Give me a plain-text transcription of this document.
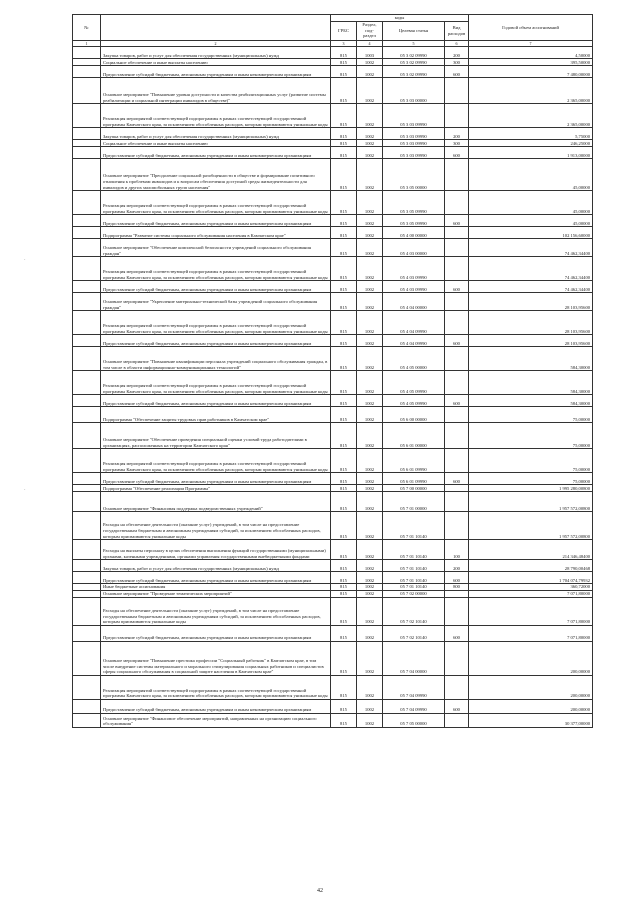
№		коды				Годовой объем ассигнований
		ГРБС	Раздел, под-раздел	Целевая статья	Вид расходов	
1	2	3	4	5	6	7
	Закупка товаров, работ и услуг для обеспечения государственных (муниципальных) нужд	815	1003	05 3 02 09990	200	4,50000
	Социальное обеспечение и иные выплаты населению	815	1002	05 3 02 09990	300	395,50000
	Предоставление субсидий бюджетным, автономным учреждениям и иным некоммерческим организациям	815	1002	05 3 02 09990	600	7 480,00000
	Основное мероприятие "Повышение уровня доступности и качества реабилитационных услуг (развитие системы реабилитации и социальной интеграции инвалидов в обществе)"	815	1002	05 3 03 00000		2 365,00000
	Реализация мероприятий соответствующей подпрограммы в рамках соответствующей государственной программы Камчатского края, за исключением обособленных расходов, которым присваиваются уникальные коды	815	1002	05 3 03 09990		2 365,00000
	Закупка товаров, работ и услуг для обеспечения государственных (муниципальных) нужд	815	1002	05 3 03 09990	200	5,75000
	Социальное обеспечение и иные выплаты населению	815	1002	05 3 03 09990	300	246,25000
	Предоставление субсидий бюджетным, автономным учреждениям и иным некоммерческим организациям	815	1002	05 3 03 09990	600	1 913,00000
	Основное мероприятие "Преодоление социальной разобщенности в обществе и формирование позитивного отношения к проблемам инвалидов и к вопросам обеспечения доступной среды жизнедеятельности для инвалидов и других маломобильных групп населения"	815	1002	05 3 05 00000		45,00000
	Реализация мероприятий соответствующей подпрограммы в рамках соответствующей государственной программы Камчатского края, за исключением обособленных расходов, которым присваиваются уникальные коды	815	1002	05 3 05 09990		45,00000
	Предоставление субсидий бюджетным, автономным учреждениям и иным некоммерческим организациям	815	1002	05 3 05 09990	600	45,00000
	Подпрограмма "Развитие системы социального обслуживания населения в Камчатском крае"	815	1002	05 4 00 00000		102 156,60000
	Основное мероприятие "Обеспечение комплексной безопасности учреждений социального обслуживания граждан"	815	1002	05 4 03 00000		74 462,34400
	Реализация мероприятий соответствующей подпрограммы в рамках соответствующей государственной программы Камчатского края, за исключением обособленных расходов, которым присваиваются уникальные коды	815	1002	05 4 03 09990		74 462,34400
	Предоставление субсидий бюджетным, автономным учреждениям и иным некоммерческим организациям	815	1002	05 4 03 09990	600	74 462,34400
	Основное мероприятие "Укрепление материально-технической базы учреждений социального обслуживания граждан"	815	1002	05 4 04 00000		28 103,95600
	Реализация мероприятий соответствующей подпрограммы в рамках соответствующей государственной программы Камчатского края, за исключением обособленных расходов, которым присваиваются уникальные коды	815	1002	05 4 04 09990		28 103,95600
	Предоставление субсидий бюджетным, автономным учреждениям и иным некоммерческим организациям	815	1002	05 4 04 09990	600	28 103,95600
	Основное мероприятие "Повышение квалификации персонала учреждений социального обслуживания граждан, в том числе в области информационно-коммуникационных технологий"	815	1002	05 4 05 00000		584,30000
	Реализация мероприятий соответствующей подпрограммы в рамках соответствующей государственной программы Камчатского края, за исключением обособленных расходов, которым присваиваются уникальные коды	815	1002	05 4 05 09990		584,30000
	Предоставление субсидий бюджетным, автономным учреждениям и иным некоммерческим организациям	815	1002	05 4 05 09990	600	584,30000
	Подпрограмма "Обеспечение защиты трудовых прав работников в Камчатском крае"	815	1002	05 6 00 00000		75,00000
	Основное мероприятие "Обеспечение проведения специальной оценки условий труда работодателями в организациях, расположенных на территории Камчатского края"	815	1002	05 6 01 00000		75,00000
	Реализация мероприятий соответствующей подпрограммы в рамках соответствующей государственной программы Камчатского края, за исключением обособленных расходов, которым присваиваются уникальные коды	815	1002	05 6 01 09990		75,00000
	Предоставление субсидий бюджетным, автономным учреждениям и иным некоммерческим организациям	815	1002	05 6 01 09990	600	75,00000
	Подпрограмма "Обеспечение реализации Программы"	815	1002	05 7 00 00000		1 995 280,00800
	Основное мероприятие "Финансовая поддержка подведомственных учреждений"	815	1002	05 7 01 00000		1 957 572,00800
	Расходы на обеспечение деятельности (оказание услуг) учреждений, в том числе на предоставление государственным бюджетным и автономным учреждениям субсидий, за исключением обособленных расходов, которым присваиваются уникальные коды	815	1002	05 7 01 10140		1 957 572,00800
	Расходы на выплаты персоналу в целях обеспечения выполнения функций государственными (муниципальными) органами, казенными учреждениями, органами управления государственными внебюджетными фондами	815	1002	05 7 01 10140	100	214 346,48400
	Закупка товаров, работ и услуг для обеспечения государственных (муниципальных) нужд	815	1002	05 7 01 10140	200	28 790,00468
	Предоставление субсидий бюджетным, автономным учреждениям и иным некоммерческим организациям	815	1002	05 7 01 10140	600	1 704 074,79932
	Иные бюджетные ассигнования	815	1002	05 7 01 10140	800	360,72000
	Основное мероприятие "Проведение тематических мероприятий"	815	1002	05 7 02 00000		7 071,80000
	Расходы на обеспечение деятельности (оказание услуг) учреждений, в том числе на предоставление государственным бюджетным и автономным учреждениям субсидий, за исключением обособленных расходов, которым присваиваются уникальные коды	815	1002	05 7 02 10140		7 071,80000
	Предоставление субсидий бюджетным, автономным учреждениям и иным некоммерческим организациям	815	1002	05 7 02 10140	600	7 071,80000
	Основное мероприятие "Повышение престижа профессии "Социальный работник" в Камчатском крае, в том числе внедрение системы материального и морального стимулирования социальных работников и специалистов сферы социального обслуживания в социальной защите населения в Камчатском крае"	815	1002	05 7 04 00000		200,00000
	Реализация мероприятий соответствующей подпрограммы в рамках соответствующей государственной программы Камчатского края, за исключением обособленных расходов, которым присваиваются уникальные коды	815	1002	05 7 04 09990		200,00000
	Предоставление субсидий бюджетным, автономным учреждениям и иным некоммерческим организациям	815	1002	05 7 04 09990	600	200,00000
	Основное мероприятие "Финансовое обеспечение мероприятий, направленных на организацию социального обслуживания"	815	1002	05 7 05 00000		30 377,00000
·
·
42
